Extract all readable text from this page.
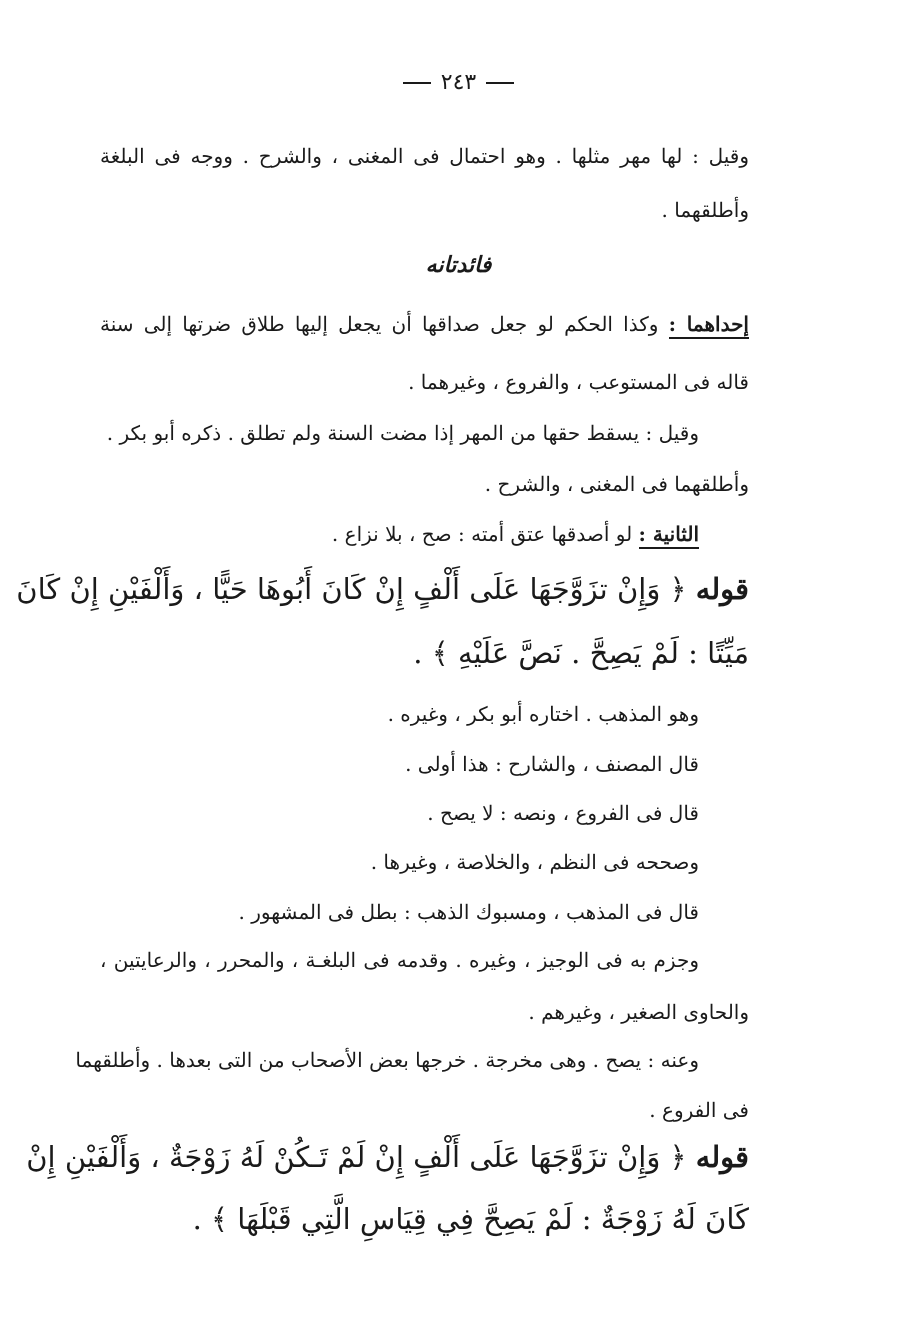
٢٤٣
وقيل : لها مهر مثلها . وهو احتمال فى المغنى ، والشرح . ووجه فى البلغة
وأطلقهما .
فائدتانه
إحداهما : وكذا الحكم لو جعل صداقها أن يجعل إليها طلاق ضرتها إلى سنة
قاله فى المستوعب ، والفروع ، وغيرهما .
وقيل : يسقط حقها من المهر إذا مضت السنة ولم تطلق . ذكره أبو بكر .
وأطلقهما فى المغنى ، والشرح .
الثانية : لو أصدقها عتق أمته : صح ، بلا نزاع .
قوله ﴿ وَإِنْ تزَوَّجَهَا عَلَى أَلْفٍ إِنْ كَانَ أَبُوهَا حَيًّا ، وَأَلْفَيْنِ إِنْ كَانَ
مَيِّتًا : لَمْ يَصِحَّ . نَصَّ عَلَيْهِ ﴾ .
وهو المذهب . اختاره أبو بكر ، وغيره .
قال المصنف ، والشارح : هذا أولى .
قال فى الفروع ، ونصه : لا يصح .
وصححه فى النظم ، والخلاصة ، وغيرها .
قال فى المذهب ، ومسبوك الذهب : بطل فى المشهور .
وجزم به فى الوجيز ، وغيره . وقدمه فى البلغـة ، والمحرر ، والرعايتين ،
والحاوى الصغير ، وغيرهم .
وعنه : يصح . وهى مخرجة . خرجها بعض الأصحاب من التى بعدها . وأطلقهما
فى الفروع .
قوله ﴿ وَإِنْ تزَوَّجَهَا عَلَى أَلْفٍ إِنْ لَمْ تَـكُنْ لَهُ زَوْجَةٌ ، وَأَلْفَيْنِ إِنْ
كَانَ لَهُ زَوْجَةٌ : لَمْ يَصِحَّ فِي قِيَاسِ الَّتِي قَبْلَهَا ﴾ .
